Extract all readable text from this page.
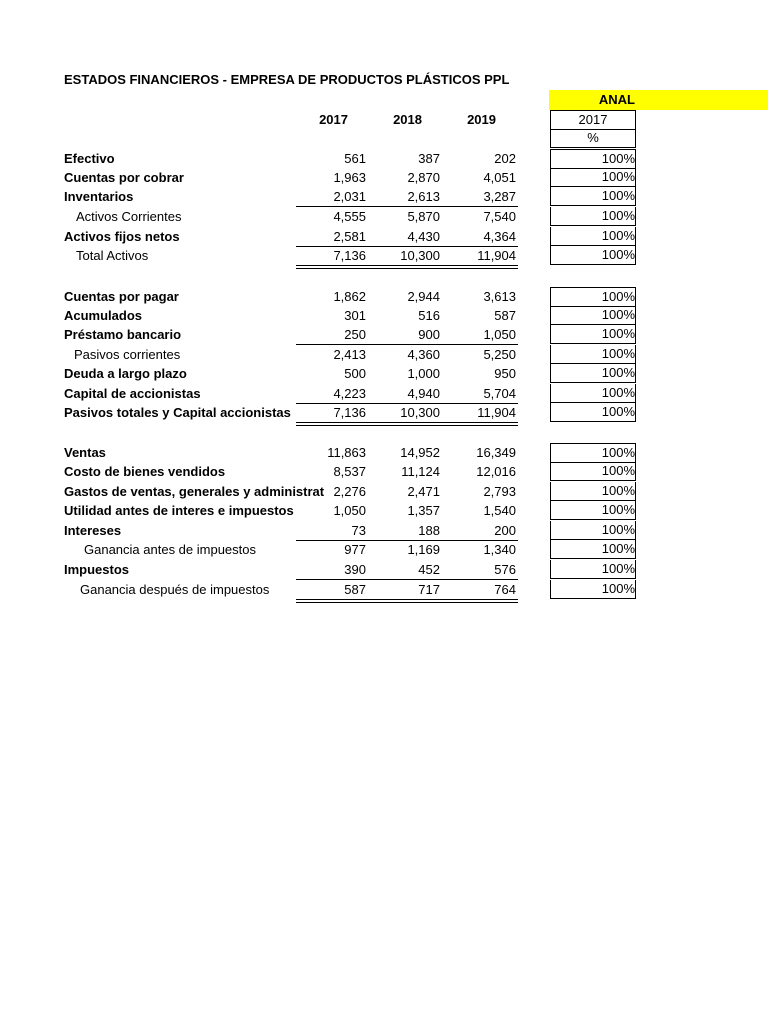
ESTADOS FINANCIEROS - EMPRESA DE PRODUCTOS PLÁSTICOS PPL
2017	2018	2019
ANAL
2017
%
Efectivo	561	387	202	100%
Cuentas por cobrar	1,963	2,870	4,051	100%
Inventarios	2,031	2,613	3,287	100%
Activos Corrientes	4,555	5,870	7,540	100%
Activos fijos netos	2,581	4,430	4,364	100%
Total Activos	7,136	10,300	11,904	100%
Cuentas por pagar	1,862	2,944	3,613	100%
Acumulados	301	516	587	100%
Préstamo bancario	250	900	1,050	100%
Pasivos corrientes	2,413	4,360	5,250	100%
Deuda a largo plazo	500	1,000	950	100%
Capital de accionistas	4,223	4,940	5,704	100%
Pasivos totales y Capital accionistas	7,136	10,300	11,904	100%
Ventas	11,863	14,952	16,349	100%
Costo de bienes vendidos	8,537	11,124	12,016	100%
Gastos de ventas, generales y administrat 2,276	2,471	2,793	100%
Utilidad antes de interes e impuestos	1,050	1,357	1,540	100%
Intereses	73	188	200	100%
Ganancia antes de impuestos	977	1,169	1,340	100%
Impuestos	390	452	576	100%
Ganancia después de impuestos	587	717	764	100%
